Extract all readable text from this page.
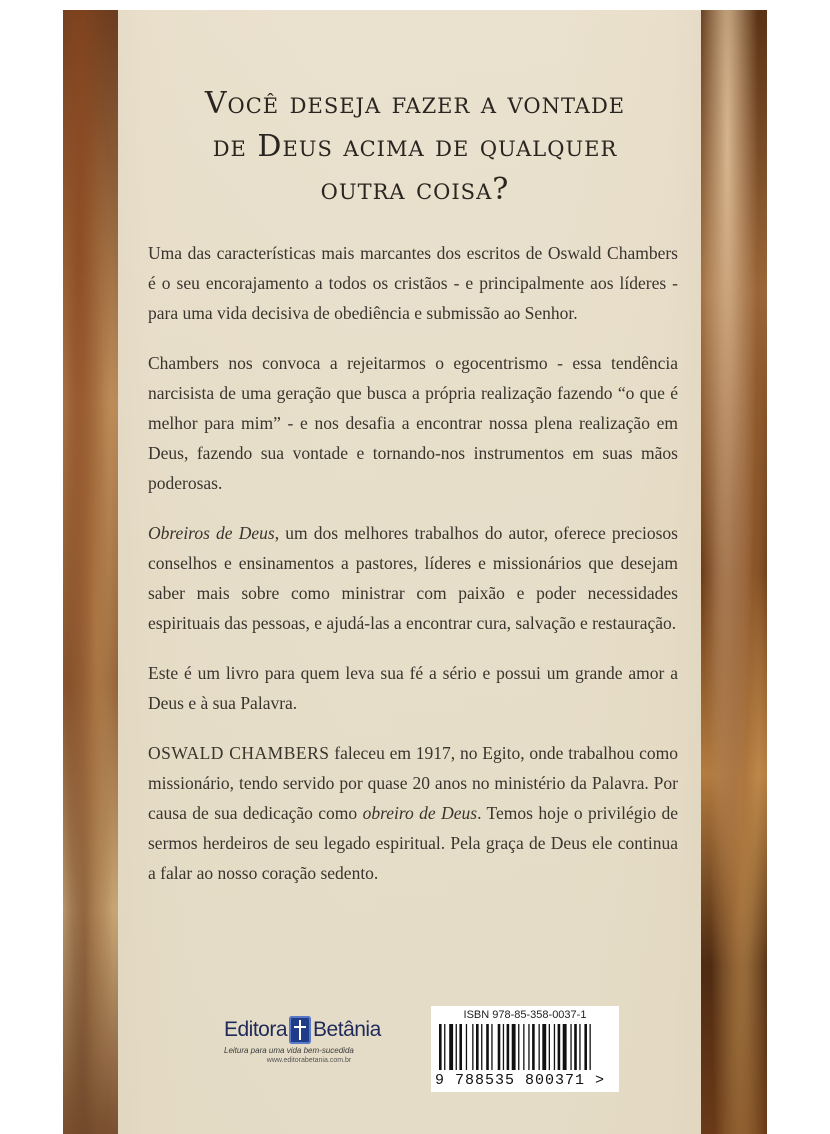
Você deseja fazer a vontade
de Deus acima de qualquer
outra coisa?

Uma das características mais marcantes dos escritos de Oswald Chambers é o seu encorajamento a todos os cristãos - e principalmente aos líderes - para uma vida decisiva de obediência e submissão ao Senhor.

Chambers nos convoca a rejeitarmos o egocentrismo - essa tendência narcisista de uma geração que busca a própria realização fazendo “o que é melhor para mim” - e nos desafia a encontrar nossa plena realização em Deus, fazendo sua vontade e tornando-nos instrumentos em suas mãos poderosas.

Obreiros de Deus, um dos melhores trabalhos do autor, oferece preciosos conselhos e ensinamentos a pastores, líderes e missionários que desejam saber mais sobre como ministrar com paixão e poder necessidades espirituais das pessoas, e ajudá-las a encontrar cura, salvação e restauração.

Este é um livro para quem leva sua fé a sério e possui um grande amor a Deus e à sua Palavra.

OSWALD CHAMBERS faleceu em 1917, no Egito, onde trabalhou como missionário, tendo servido por quase 20 anos no ministério da Palavra. Por causa de sua dedicação como obreiro de Deus. Temos hoje o privilégio de sermos herdeiros de seu legado espiritual. Pela graça de Deus ele continua a falar ao nosso coração sedento.

Editora Betânia
Leitura para uma vida bem-sucedida
www.editorabetania.com.br
ISBN 978-85-358-0037-1
9 788535 800371 >
